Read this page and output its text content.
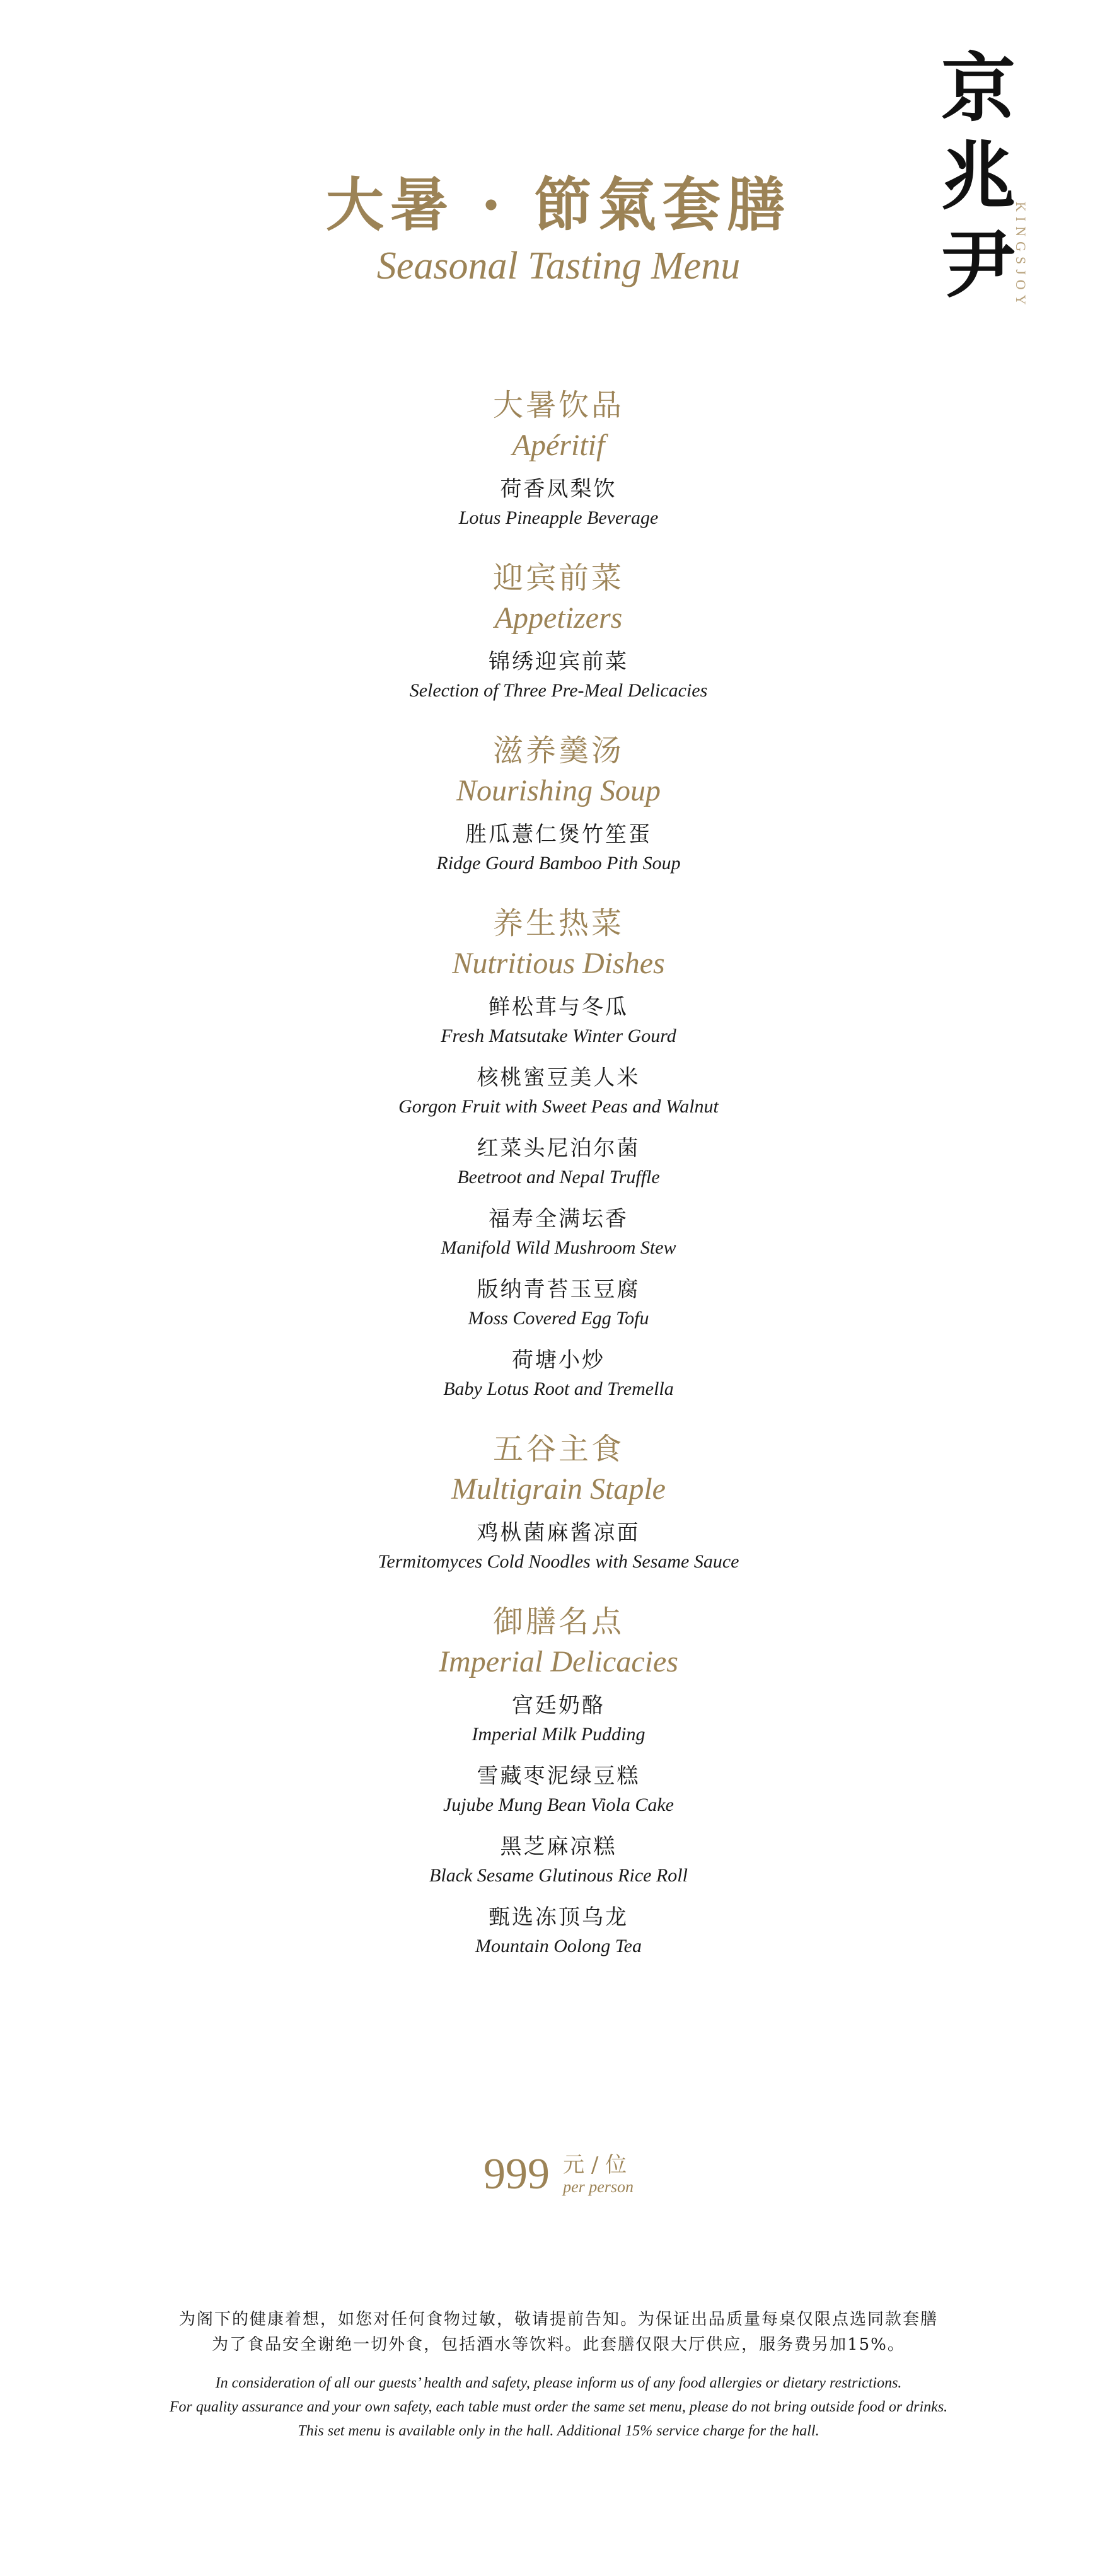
京
兆
尹
KINGSJOY
大暑 · 節氣套膳
Seasonal Tasting Menu
大暑饮品
Apéritif
荷香凤梨饮
Lotus Pineapple Beverage
迎宾前菜
Appetizers
锦绣迎宾前菜
Selection of Three Pre-Meal Delicacies
滋养羹汤
Nourishing Soup
胜瓜薏仁煲竹笙蛋
Ridge Gourd Bamboo Pith Soup
养生热菜
Nutritious Dishes
鲜松茸与冬瓜
Fresh Matsutake Winter Gourd
核桃蜜豆美人米
Gorgon Fruit with Sweet Peas and Walnut
红菜头尼泊尔菌
Beetroot and Nepal Truffle
福寿全满坛香
Manifold Wild Mushroom Stew
版纳青苔玉豆腐
Moss Covered Egg Tofu
荷塘小炒
Baby Lotus Root and Tremella
五谷主食
Multigrain Staple
鸡枞菌麻酱凉面
Termitomyces Cold Noodles with Sesame Sauce
御膳名点
Imperial Delicacies
宫廷奶酪
Imperial Milk Pudding
雪藏枣泥绿豆糕
Jujube Mung Bean Viola Cake
黑芝麻凉糕
Black Sesame Glutinous Rice Roll
甄选冻顶乌龙
Mountain Oolong Tea
999 元 / 位
per person
为阁下的健康着想，如您对任何食物过敏，敬请提前告知。为保证出品质量每桌仅限点选同款套膳
为了食品安全谢绝一切外食，包括酒水等饮料。此套膳仅限大厅供应，服务费另加15%。
In consideration of all our guests’ health and safety, please inform us of any food allergies or dietary restrictions.
For quality assurance and your own safety, each table must order the same set menu, please do not bring outside food or drinks.
This set menu is available only in the hall. Additional 15% service charge for the hall.
